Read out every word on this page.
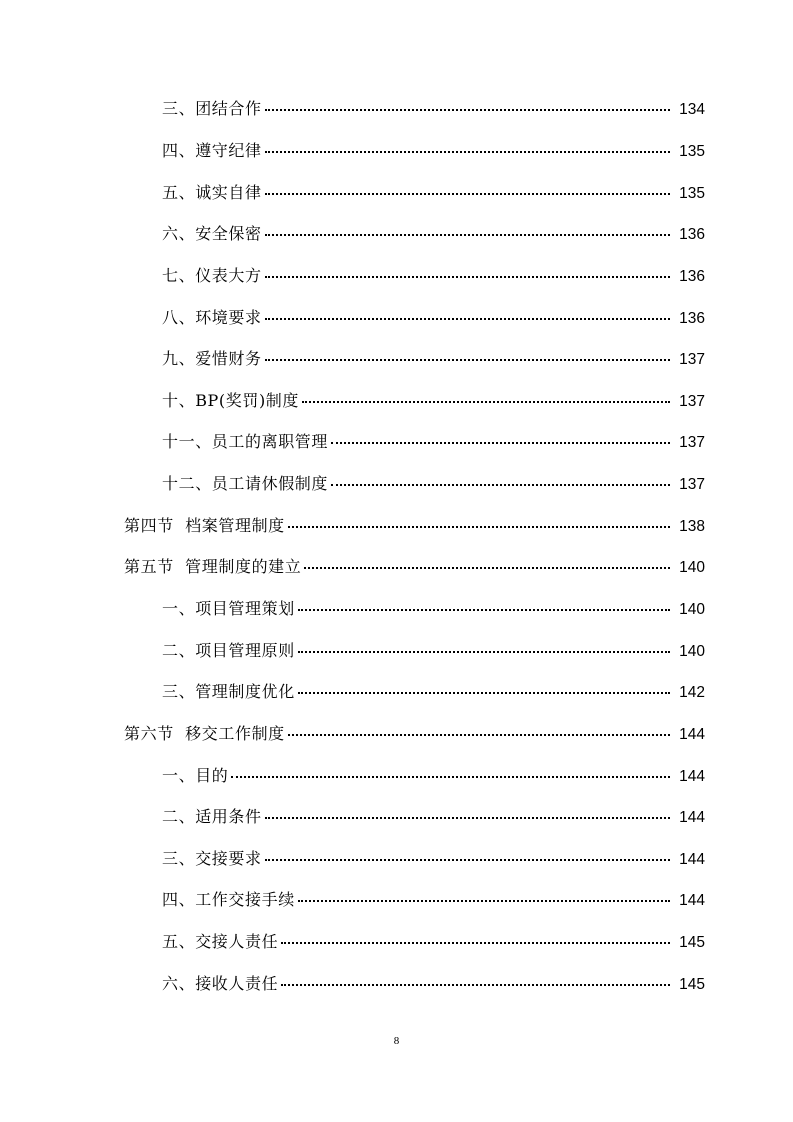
三、团结合作	134
四、遵守纪律	135
五、诚实自律	135
六、安全保密	136
七、仪表大方	136
八、环境要求	136
九、爱惜财务	137
十、BP(奖罚)制度	137
十一、员工的离职管理	137
十二、员工请休假制度	137
第四节  档案管理制度	138
第五节  管理制度的建立	140
一、项目管理策划	140
二、项目管理原则	140
三、管理制度优化	142
第六节  移交工作制度	144
一、目的	144
二、适用条件	144
三、交接要求	144
四、工作交接手续	144
五、交接人责任	145
六、接收人责任	145
8
